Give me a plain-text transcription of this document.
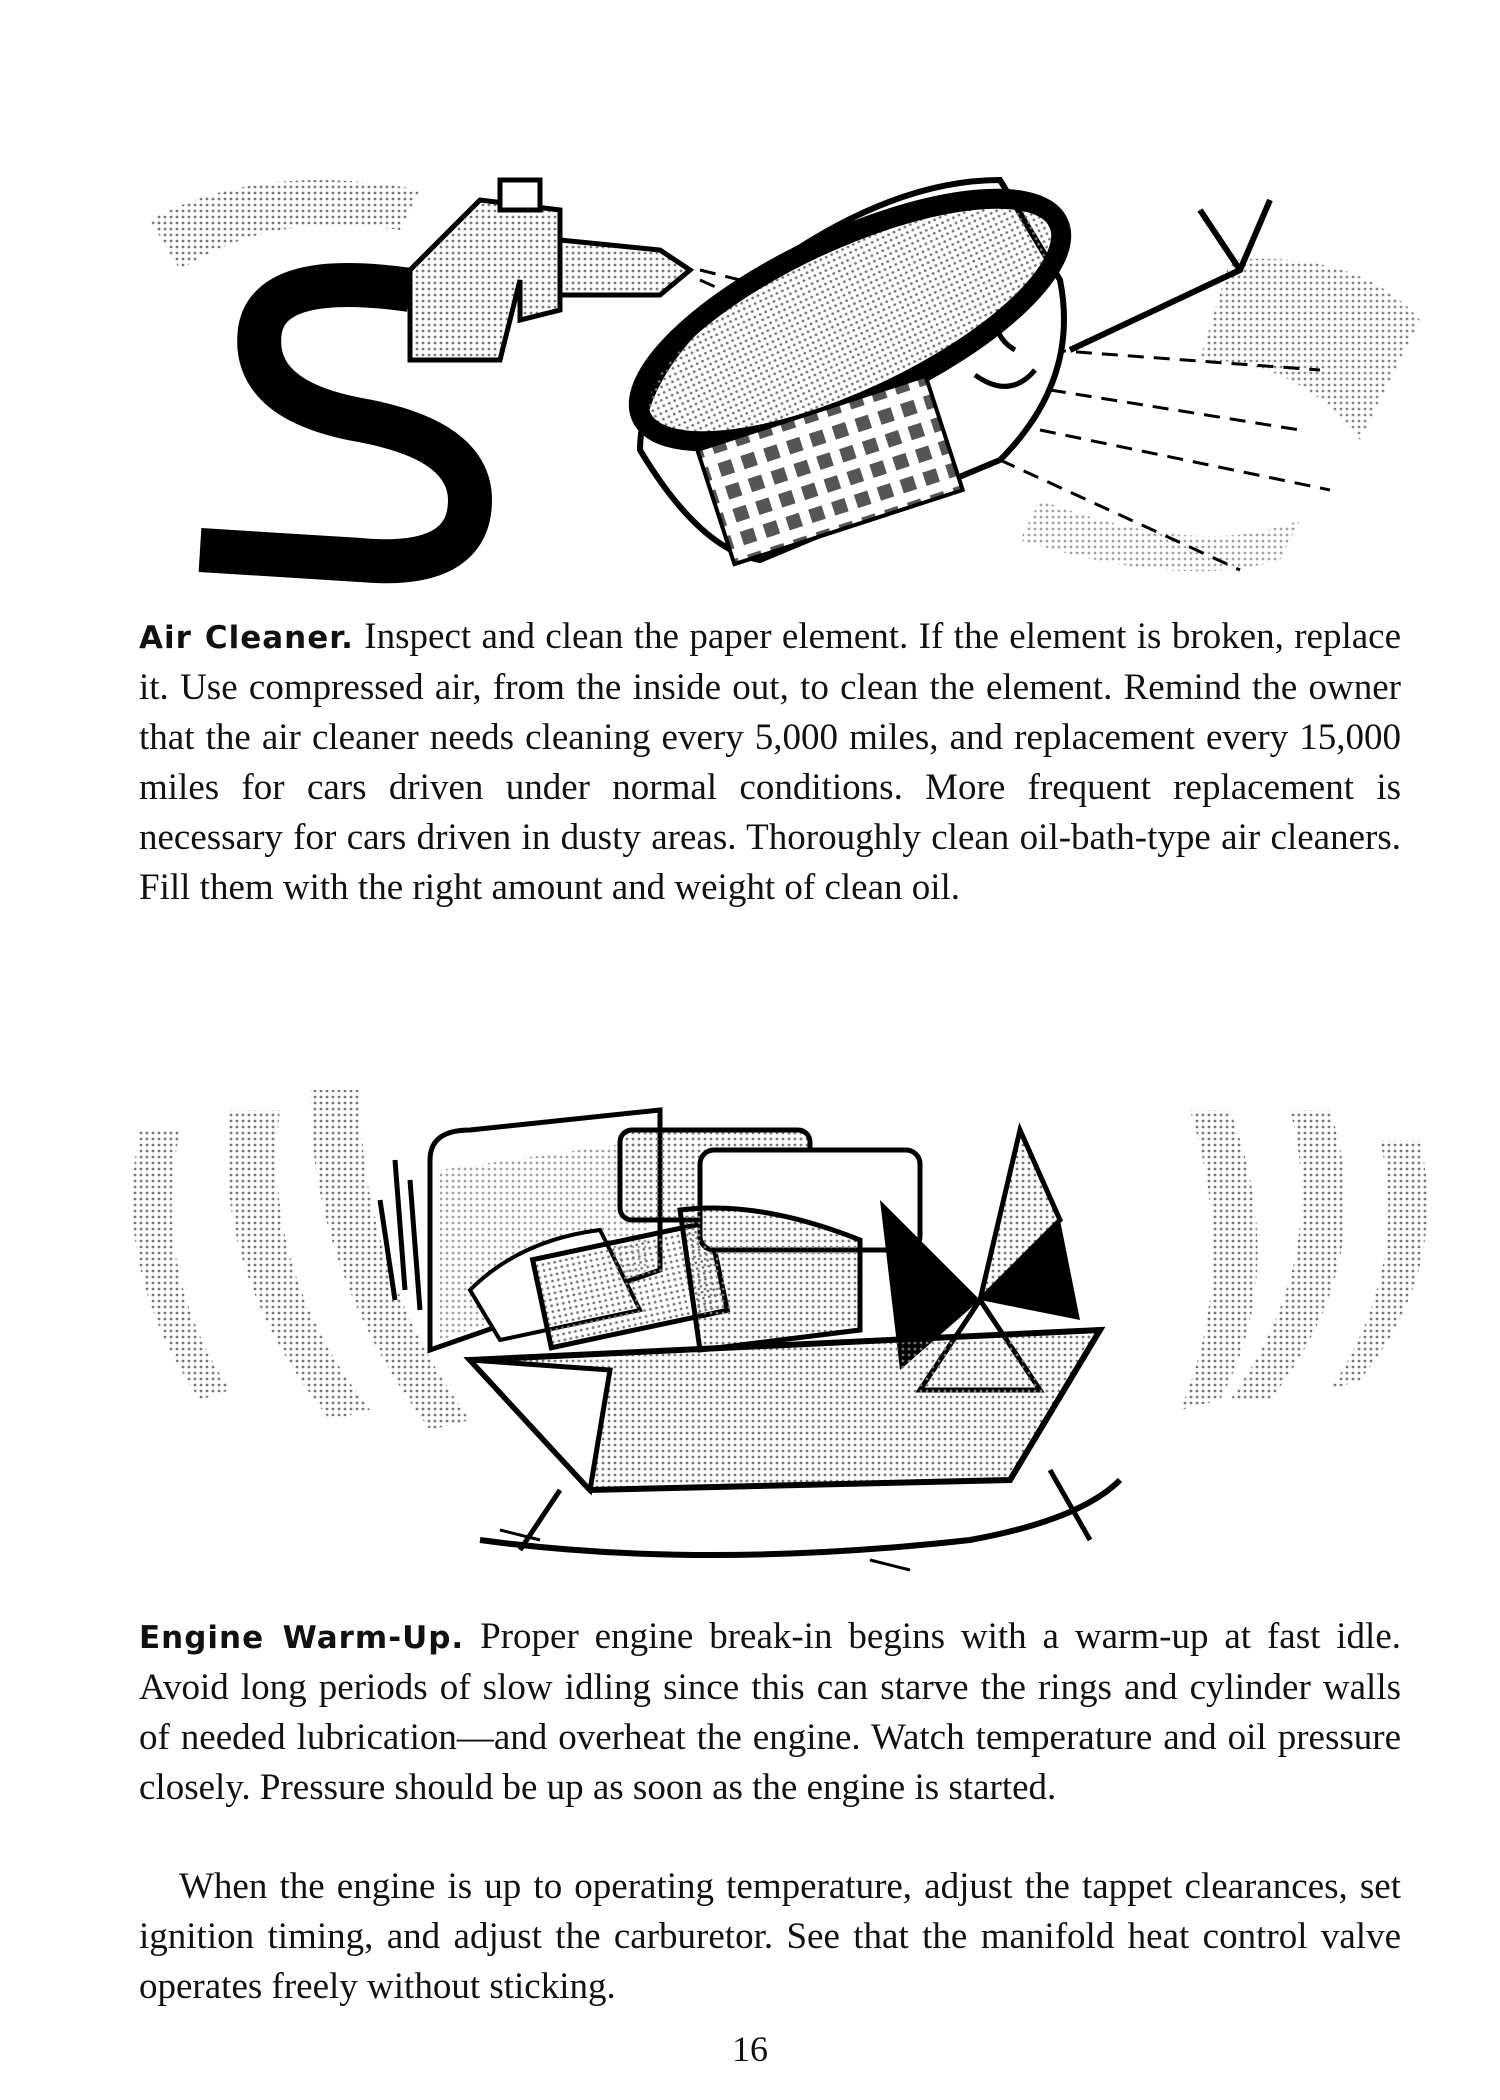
Air Cleaner. Inspect and clean the paper element. If the element is broken, replace it. Use compressed air, from the inside out, to clean the element. Remind the owner that the air cleaner needs cleaning every 5,000 miles, and replacement every 15,000 miles for cars driven under normal conditions. More frequent replacement is necessary for cars driven in dusty areas. Thoroughly clean oil-bath-type air cleaners. Fill them with the right amount and weight of clean oil.

Engine Warm-Up. Proper engine break-in begins with a warm-up at fast idle. Avoid long periods of slow idling since this can starve the rings and cylinder walls of needed lubrication—and overheat the engine. Watch temperature and oil pressure closely. Pressure should be up as soon as the engine is started.

When the engine is up to operating temperature, adjust the tappet clearances, set ignition timing, and adjust the carburetor. See that the manifold heat control valve operates freely without sticking.

16
